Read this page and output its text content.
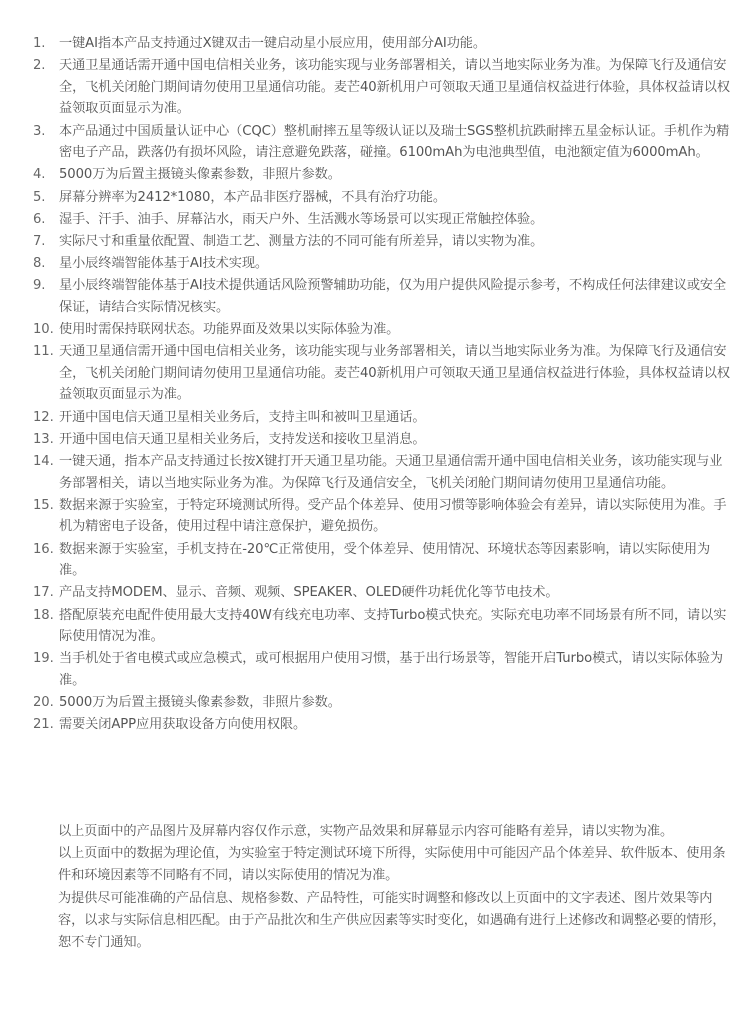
1. 一键AI指本产品支持通过X键双击一键启动星小辰应用，使用部分AI功能。
2. 天通卫星通话需开通中国电信相关业务，该功能实现与业务部署相关，请以当地实际业务为准。为保障飞行及通信安全，飞机关闭舱门期间请勿使用卫星通信功能。麦芒40新机用户可领取天通卫星通信权益进行体验，具体权益请以权益领取页面显示为准。
3. 本产品通过中国质量认证中心（CQC）整机耐摔五星等级认证以及瑞士SGS整机抗跌耐摔五星金标认证。手机作为精密电子产品，跌落仍有损坏风险，请注意避免跌落，碰撞。6100mAh为电池典型值，电池额定值为6000mAh。
4. 5000万为后置主摄镜头像素参数，非照片参数。
5. 屏幕分辨率为2412*1080，本产品非医疗器械，不具有治疗功能。
6. 湿手、汗手、油手、屏幕沾水，雨天户外、生活溅水等场景可以实现正常触控体验。
7. 实际尺寸和重量依配置、制造工艺、测量方法的不同可能有所差异，请以实物为准。
8. 星小辰终端智能体基于AI技术实现。
9. 星小辰终端智能体基于AI技术提供通话风险预警辅助功能，仅为用户提供风险提示参考，不构成任何法律建议或安全保证，请结合实际情况核实。
10. 使用时需保持联网状态。功能界面及效果以实际体验为准。
11. 天通卫星通信需开通中国电信相关业务，该功能实现与业务部署相关，请以当地实际业务为准。为保障飞行及通信安全，飞机关闭舱门期间请勿使用卫星通信功能。麦芒40新机用户可领取天通卫星通信权益进行体验，具体权益请以权益领取页面显示为准。
12. 开通中国电信天通卫星相关业务后，支持主叫和被叫卫星通话。
13. 开通中国电信天通卫星相关业务后，支持发送和接收卫星消息。
14. 一键天通，指本产品支持通过长按X键打开天通卫星功能。天通卫星通信需开通中国电信相关业务，该功能实现与业务部署相关，请以当地实际业务为准。为保障飞行及通信安全，飞机关闭舱门期间请勿使用卫星通信功能。
15. 数据来源于实验室，于特定环境测试所得。受产品个体差异、使用习惯等影响体验会有差异，请以实际使用为准。手机为精密电子设备，使用过程中请注意保护，避免损伤。
16. 数据来源于实验室，手机支持在-20℃正常使用，受个体差异、使用情况、环境状态等因素影响，请以实际使用为准。
17. 产品支持MODEM、显示、音频、观频、SPEAKER、OLED硬件功耗优化等节电技术。
18. 搭配原装充电配件使用最大支持40W有线充电功率、支持Turbo模式快充。实际充电功率不同场景有所不同，请以实际使用情况为准。
19. 当手机处于省电模式或应急模式，或可根据用户使用习惯，基于出行场景等，智能开启Turbo模式，请以实际体验为准。
20. 5000万为后置主摄镜头像素参数，非照片参数。
21. 需要关闭APP应用获取设备方向使用权限。

以上页面中的产品图片及屏幕内容仅作示意，实物产品效果和屏幕显示内容可能略有差异，请以实物为准。

以上页面中的数据为理论值，为实验室于特定测试环境下所得，实际使用中可能因产品个体差异、软件版本、使用条件和环境因素等不同略有不同，请以实际使用的情况为准。

为提供尽可能准确的产品信息、规格参数、产品特性，可能实时调整和修改以上页面中的文字表述、图片效果等内容，以求与实际信息相匹配。由于产品批次和生产供应因素等实时变化，如遇确有进行上述修改和调整必要的情形，恕不专门通知。
